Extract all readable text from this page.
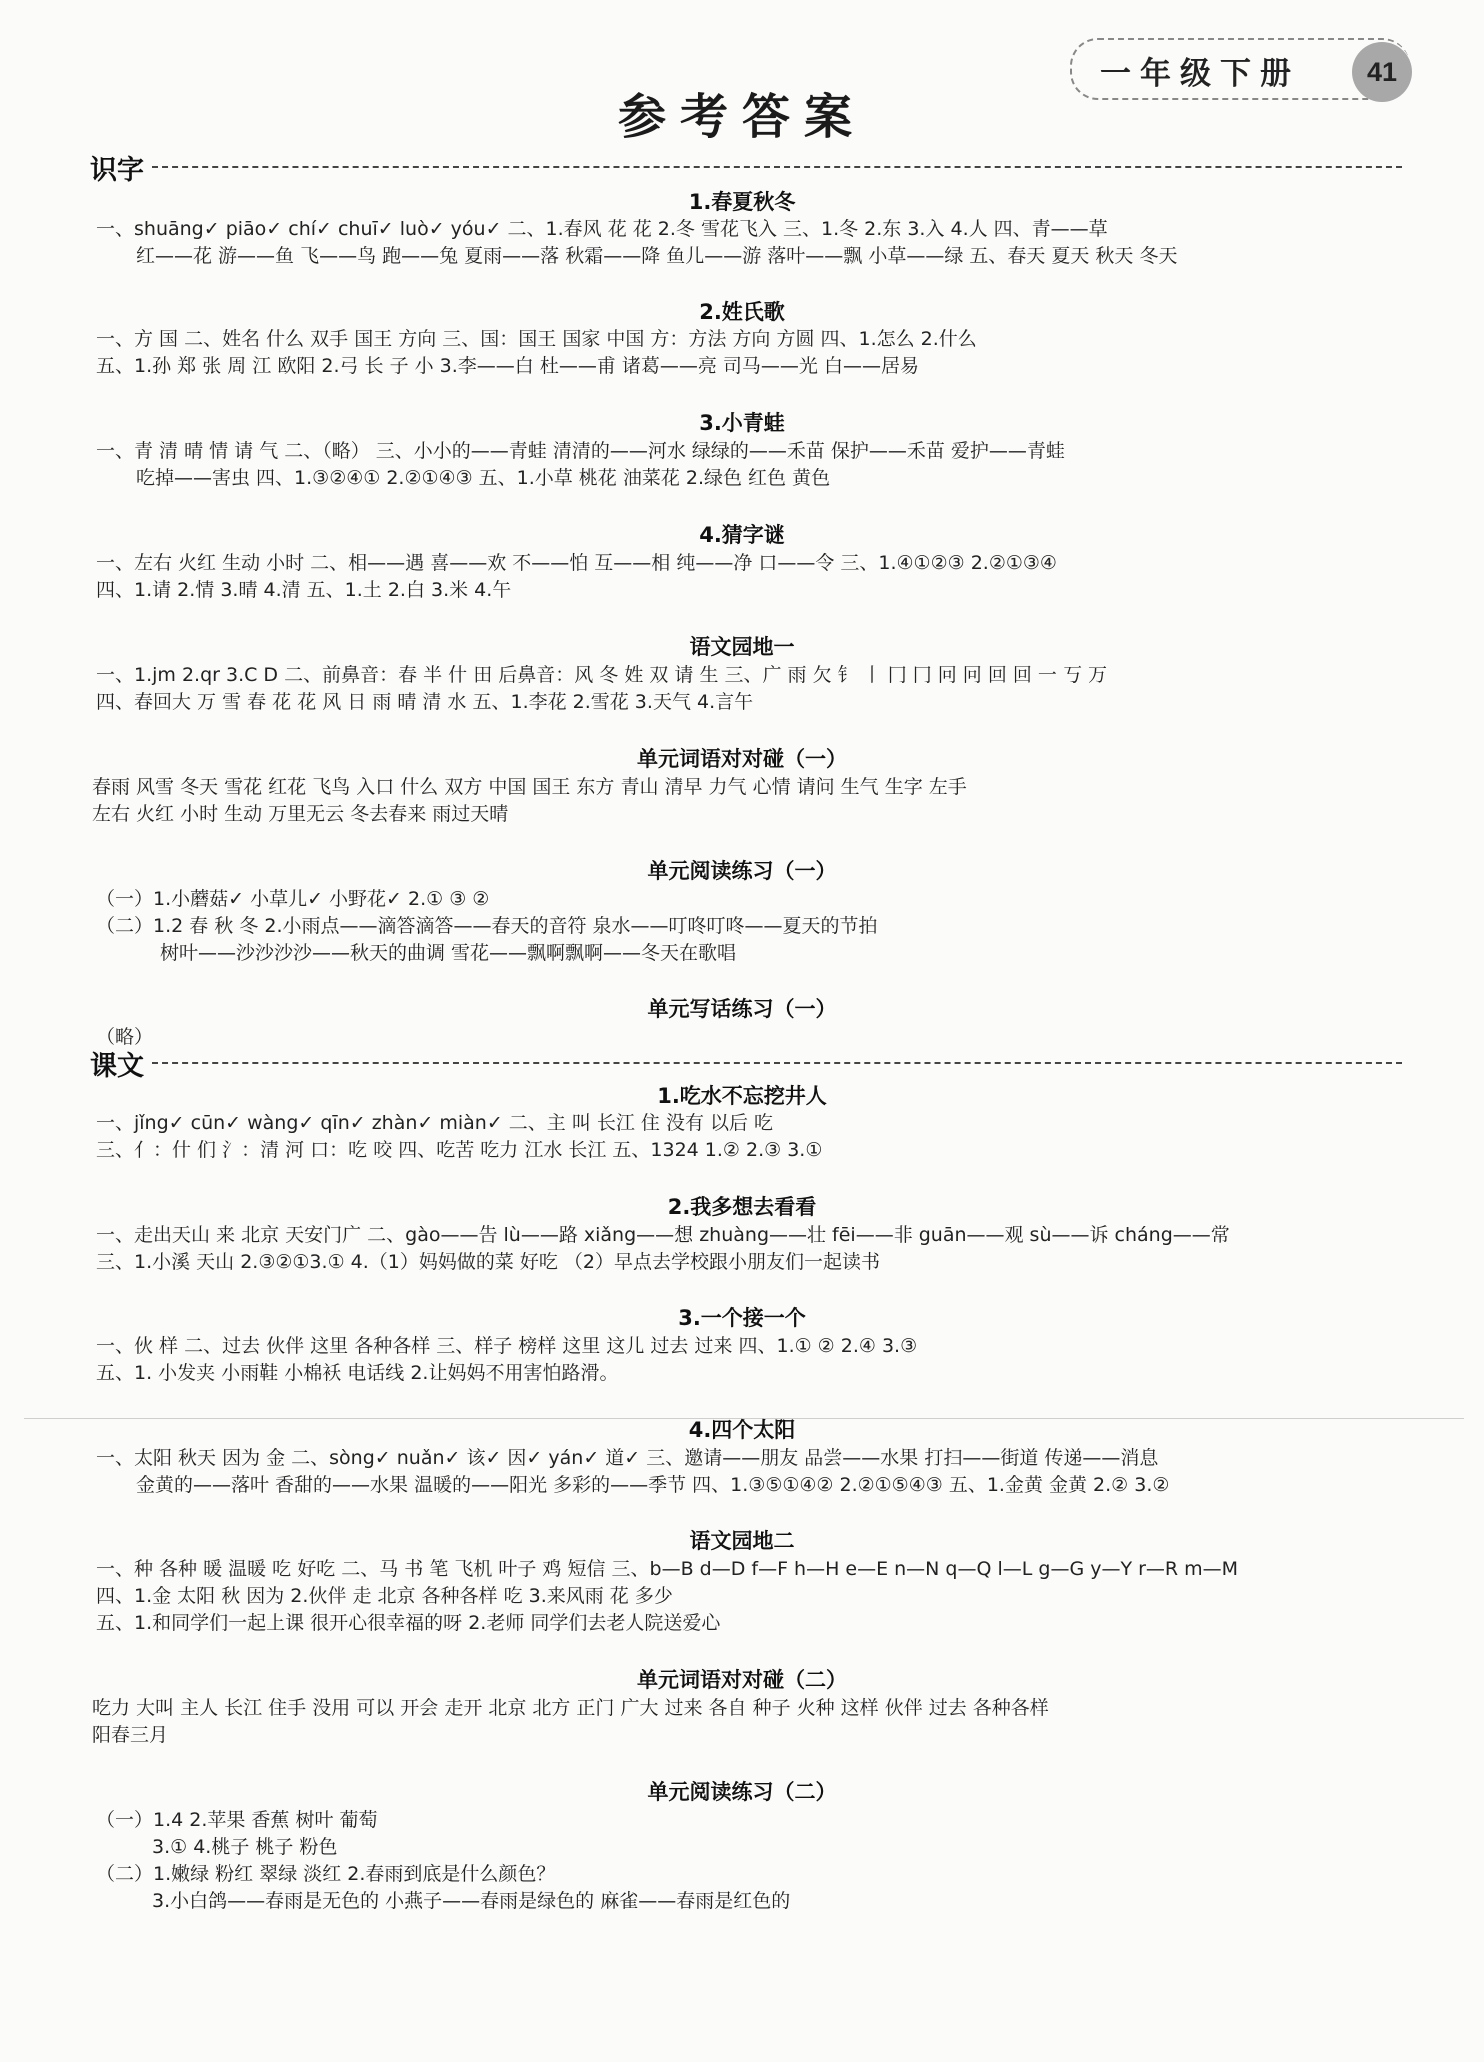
参考答案
一年级下册	41
识字
1.春夏秋冬
一、shuāng✓ piāo✓ chí✓ chuī✓ luò✓ yóu✓ 二、1.春风 花 花 2.冬 雪花飞入 三、1.冬 2.东 3.入 4.人 四、青——草
红——花 游——鱼 飞——鸟 跑——兔 夏雨——落 秋霜——降 鱼儿——游 落叶——飘 小草——绿 五、春天 夏天 秋天 冬天
2.姓氏歌
一、方 国 二、姓名 什么 双手 国王 方向 三、国：国王 国家 中国 方：方法 方向 方圆 四、1.怎么 2.什么
五、1.孙 郑 张 周 江 欧阳 2.弓 长 子 小 3.李——白 杜——甫 诸葛——亮 司马——光 白——居易
3.小青蛙
一、青 清 晴 情 请 气 二、（略） 三、小小的——青蛙 清清的——河水 绿绿的——禾苗 保护——禾苗 爱护——青蛙
吃掉——害虫 四、1.③②④① 2.②①④③ 五、1.小草 桃花 油菜花 2.绿色 红色 黄色
4.猜字谜
一、左右 火红 生动 小时 二、相——遇 喜——欢 不——怕 互——相 纯——净 口——令 三、1.④①②③ 2.②①③④
四、1.请 2.情 3.晴 4.清 五、1.土 2.白 3.米 4.午
语文园地一
一、1.jm 2.qr 3.C D 二、前鼻音：春 半 什 田 后鼻音：风 冬 姓 双 请 生 三、广 雨 欠 钅 丨 冂 冂 冋 冋 回 回 一 丂 万
四、春回大 万 雪 春 花 花 风 日 雨 晴 清 水 五、1.李花 2.雪花 3.天气 4.言午
单元词语对对碰（一）
春雨 风雪 冬天 雪花 红花 飞鸟 入口 什么 双方 中国 国王 东方 青山 清早 力气 心情 请问 生气 生字 左手
左右 火红 小时 生动 万里无云 冬去春来 雨过天晴
单元阅读练习（一）
（一）1.小蘑菇✓ 小草儿✓ 小野花✓ 2.① ③ ②
（二）1.2 春 秋 冬 2.小雨点——滴答滴答——春天的音符 泉水——叮咚叮咚——夏天的节拍
树叶——沙沙沙沙——秋天的曲调 雪花——飘啊飘啊——冬天在歌唱
单元写话练习（一）
（略）
课文
1.吃水不忘挖井人
一、jǐng✓ cūn✓ wàng✓ qīn✓ zhàn✓ miàn✓ 二、主 叫 长江 住 没有 以后 吃
三、亻：什 们 氵：清 河 口：吃 咬 四、吃苦 吃力 江水 长江 五、1324 1.② 2.③ 3.①
2.我多想去看看
一、走出天山 来 北京 天安门广 二、gào——告 lù——路 xiǎng——想 zhuàng——壮 fēi——非 guān——观 sù——诉 cháng——常
三、1.小溪 天山 2.③②①3.① 4.（1）妈妈做的菜 好吃 （2）早点去学校跟小朋友们一起读书
3.一个接一个
一、伙 样 二、过去 伙伴 这里 各种各样 三、样子 榜样 这里 这儿 过去 过来 四、1.① ② 2.④ 3.③
五、1. 小发夹 小雨鞋 小棉袄 电话线 2.让妈妈不用害怕路滑。
4.四个太阳
一、太阳 秋天 因为 金 二、sòng✓ nuǎn✓ 该✓ 因✓ yán✓ 道✓ 三、邀请——朋友 品尝——水果 打扫——街道 传递——消息
金黄的——落叶 香甜的——水果 温暖的——阳光 多彩的——季节 四、1.③⑤①④② 2.②①⑤④③ 五、1.金黄 金黄 2.② 3.②
语文园地二
一、种 各种 暖 温暖 吃 好吃 二、马 书 笔 飞机 叶子 鸡 短信 三、b—B d—D f—F h—H e—E n—N q—Q l—L g—G y—Y r—R m—M
四、1.金 太阳 秋 因为 2.伙伴 走 北京 各种各样 吃 3.来风雨 花 多少
五、1.和同学们一起上课 很开心很幸福的呀 2.老师 同学们去老人院送爱心
单元词语对对碰（二）
吃力 大叫 主人 长江 住手 没用 可以 开会 走开 北京 北方 正门 广大 过来 各自 种子 火种 这样 伙伴 过去 各种各样
阳春三月
单元阅读练习（二）
（一）1.4 2.苹果 香蕉 树叶 葡萄
3.① 4.桃子 桃子 粉色
（二）1.嫩绿 粉红 翠绿 淡红 2.春雨到底是什么颜色？
3.小白鸽——春雨是无色的 小燕子——春雨是绿色的 麻雀——春雨是红色的
